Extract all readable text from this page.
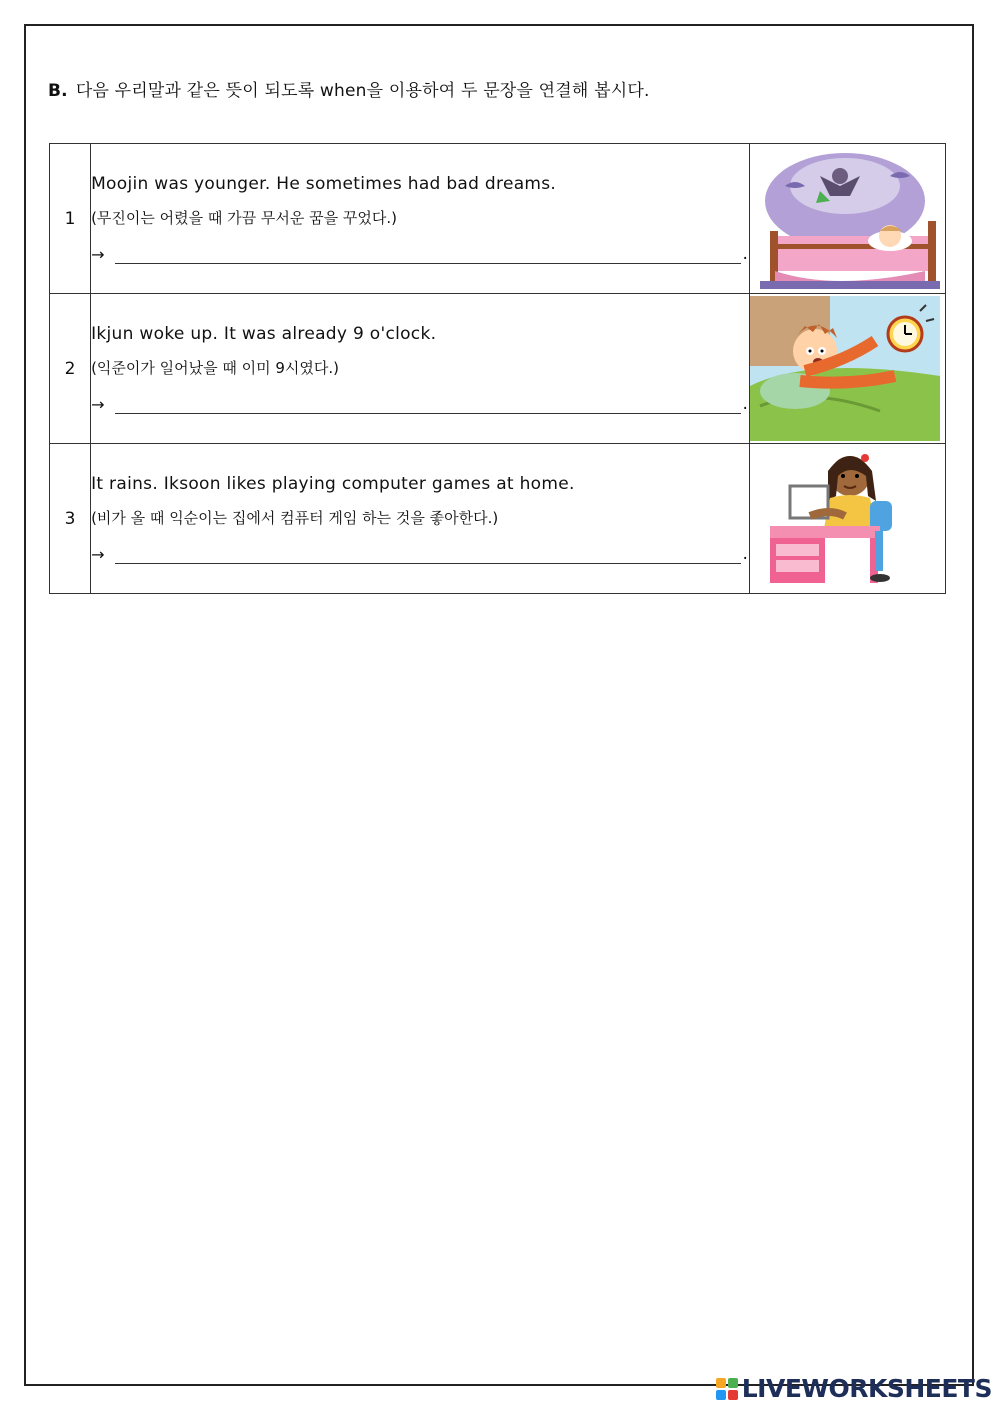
B. 다음 우리말과 같은 뜻이 되도록 when을 이용하여 두 문장을 연결해 봅시다.
1	Moojin was younger. He sometimes had bad dreams.
(무진이는 어렸을 때 가끔 무서운 꿈을 꾸었다.)
→ .

2	Ikjun woke up. It was already 9 o'clock.
(익준이가 일어났을 때 이미 9시였다.)
→ .

3	It rains. Iksoon likes playing computer games at home.
(비가 올 때 익순이는 집에서 컴퓨터 게임 하는 것을 좋아한다.)
→ .

LIVEWORKSHEETS
